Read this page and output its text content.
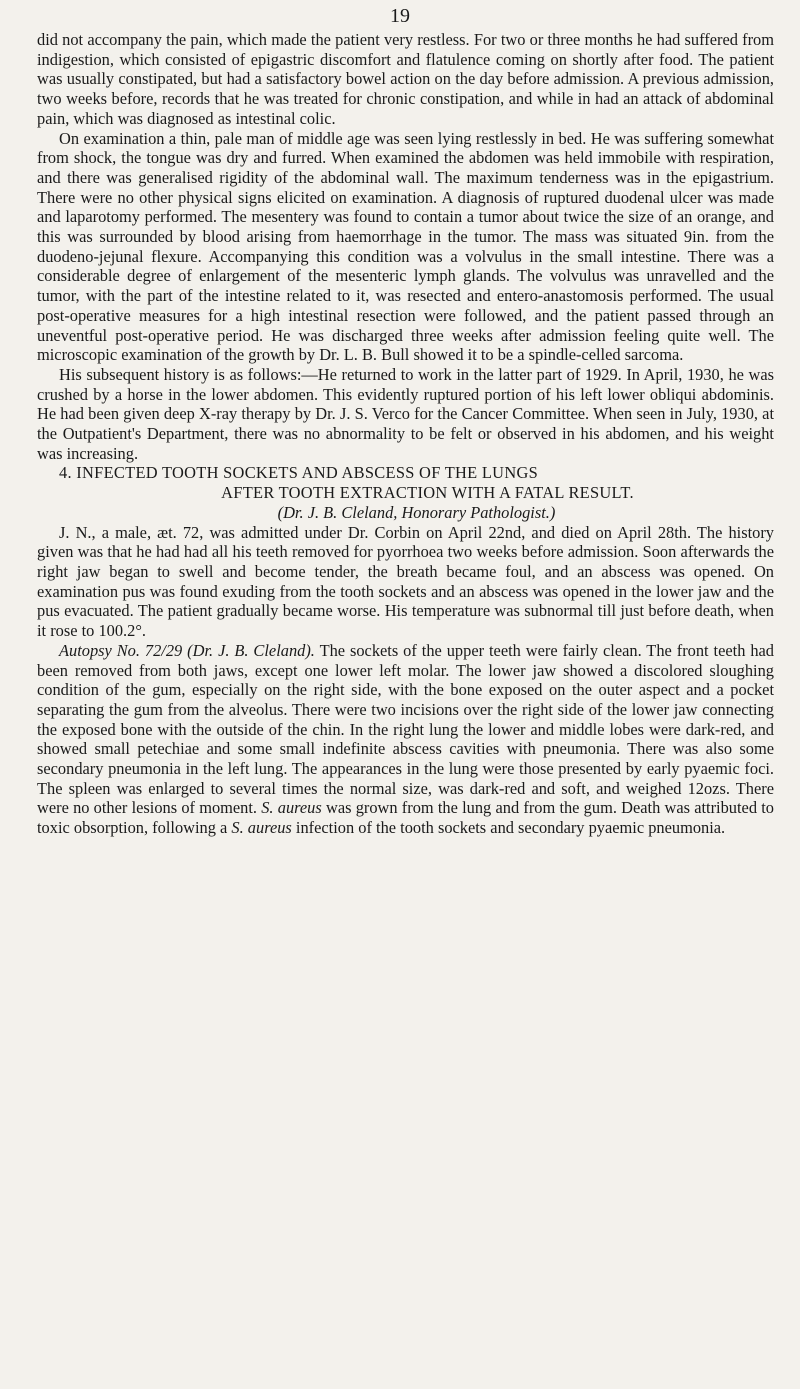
19

did not accompany the pain, which made the patient very restless. For two or three months he had suffered from indigestion, which consisted of epigastric discomfort and flatulence coming on shortly after food. The patient was usually constipated, but had a satisfactory bowel action on the day before admission. A previous admission, two weeks before, records that he was treated for chronic constipation, and while in had an attack of abdominal pain, which was diagnosed as intestinal colic.

On examination a thin, pale man of middle age was seen lying restlessly in bed. He was suffering somewhat from shock, the tongue was dry and furred. When examined the abdomen was held immobile with respiration, and there was generalised rigidity of the abdominal wall. The maximum tenderness was in the epigastrium. There were no other physical signs elicited on examination. A diagnosis of ruptured duodenal ulcer was made and laparotomy performed. The mesentery was found to contain a tumor about twice the size of an orange, and this was surrounded by blood arising from haemorrhage in the tumor. The mass was situated 9in. from the duodeno-jejunal flexure. Accompanying this condition was a volvulus in the small intestine. There was a considerable degree of enlargement of the mesenteric lymph glands. The volvulus was unravelled and the tumor, with the part of the intestine related to it, was resected and entero-anastomosis performed. The usual post-operative measures for a high intestinal resection were followed, and the patient passed through an uneventful post-operative period. He was discharged three weeks after admission feeling quite well. The microscopic examination of the growth by Dr. L. B. Bull showed it to be a spindle-celled sarcoma.

His subsequent history is as follows:—He returned to work in the latter part of 1929. In April, 1930, he was crushed by a horse in the lower abdomen. This evidently ruptured portion of his left lower obliqui abdominis. He had been given deep X-ray therapy by Dr. J. S. Verco for the Cancer Committee. When seen in July, 1930, at the Outpatient's Department, there was no abnormality to be felt or observed in his abdomen, and his weight was increasing.

4. INFECTED TOOTH SOCKETS AND ABSCESS OF THE LUNGS
AFTER TOOTH EXTRACTION WITH A FATAL RESULT.

(Dr. J. B. Cleland, Honorary Pathologist.)

J. N., a male, æt. 72, was admitted under Dr. Corbin on April 22nd, and died on April 28th. The history given was that he had had all his teeth removed for pyorrhoea two weeks before admission. Soon afterwards the right jaw began to swell and become tender, the breath became foul, and an abscess was opened. On examination pus was found exuding from the tooth sockets and an abscess was opened in the lower jaw and the pus evacuated. The patient gradually became worse. His temperature was subnormal till just before death, when it rose to 100.2°.

Autopsy No. 72/29 (Dr. J. B. Cleland). The sockets of the upper teeth were fairly clean. The front teeth had been removed from both jaws, except one lower left molar. The lower jaw showed a discolored sloughing condition of the gum, especially on the right side, with the bone exposed on the outer aspect and a pocket separating the gum from the alveolus. There were two incisions over the right side of the lower jaw connecting the exposed bone with the outside of the chin. In the right lung the lower and middle lobes were dark-red, and showed small petechiae and some small indefinite abscess cavities with pneumonia. There was also some secondary pneumonia in the left lung. The appearances in the lung were those presented by early pyaemic foci. The spleen was enlarged to several times the normal size, was dark-red and soft, and weighed 12ozs. There were no other lesions of moment. S. aureus was grown from the lung and from the gum. Death was attributed to toxic obsorption, following a S. aureus infection of the tooth sockets and secondary pyaemic pneumonia.
